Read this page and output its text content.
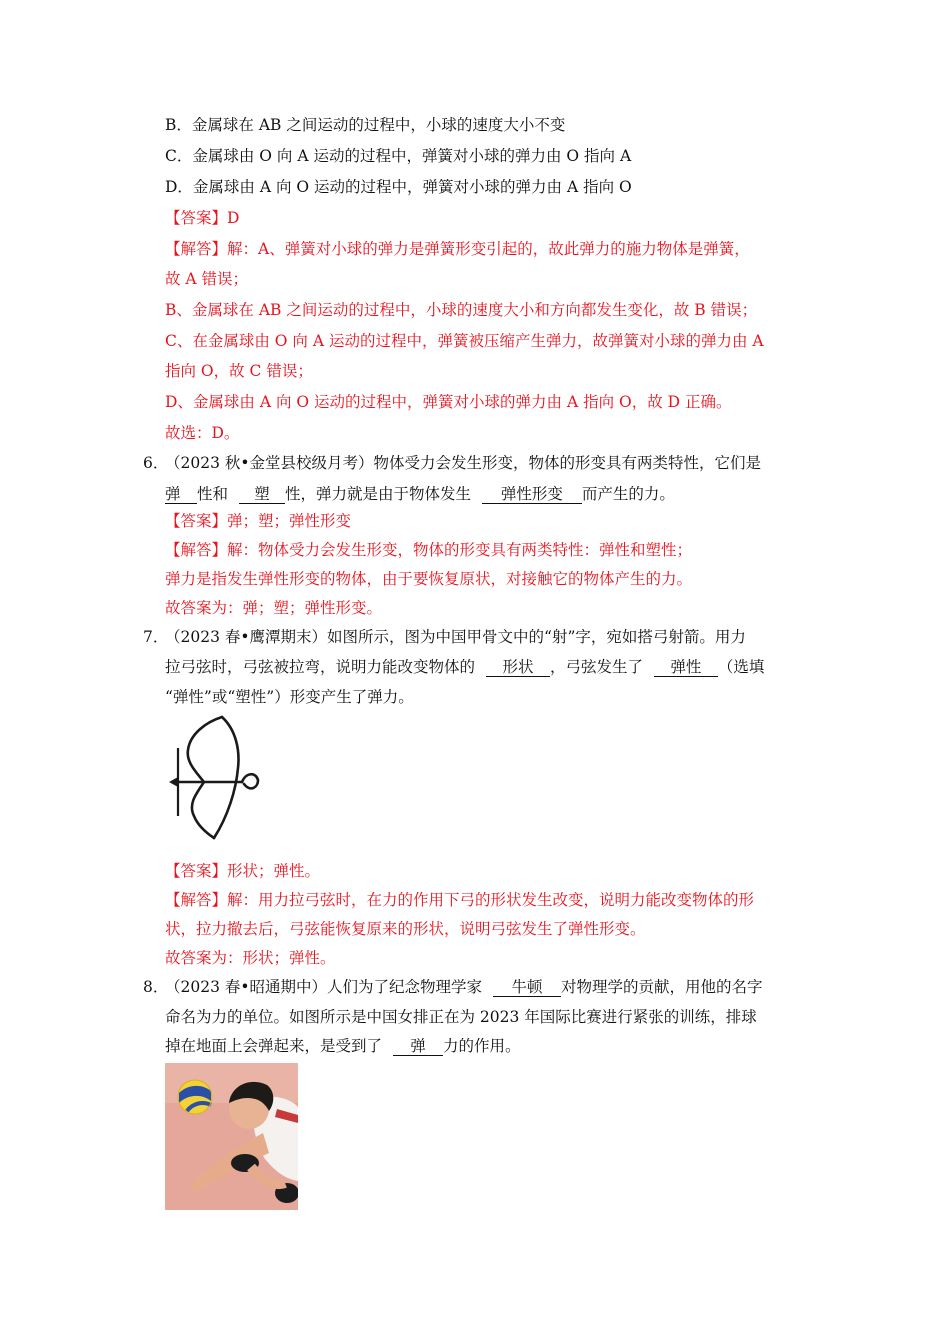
B．金属球在 AB 之间运动的过程中，小球的速度大小不变
C．金属球由 O 向 A 运动的过程中，弹簧对小球的弹力由 O 指向 A
D．金属球由 A 向 O 运动的过程中，弹簧对小球的弹力由 A 指向 O
【答案】D
【解答】解：A、弹簧对小球的弹力是弹簧形变引起的，故此弹力的施力物体是弹簧，
故 A 错误；
B、金属球在 AB 之间运动的过程中，小球的速度大小和方向都发生变化，故 B 错误；
C、在金属球由 O 向 A 运动的过程中，弹簧被压缩产生弹力，故弹簧对小球的弹力由 A
指向 O，故 C 错误；
D、金属球由 A 向 O 运动的过程中，弹簧对小球的弹力由 A 指向 O，故 D 正确。
故选：D。
6．
（2023 秋•金堂县校级月考）物体受力会发生形变，物体的形变具有两类特性，它们是
弹 性和 塑 性，弹力就是由于物体发生 弹性形变 而产生的力。
【答案】弹；塑；弹性形变
【解答】解：物体受力会发生形变，物体的形变具有两类特性：弹性和塑性；
弹力是指发生弹性形变的物体，由于要恢复原状，对接触它的物体产生的力。
故答案为：弹；塑；弹性形变。
7．
（2023 春•鹰潭期末）如图所示，图为中国甲骨文中的“射”字，宛如搭弓射箭。用力
拉弓弦时，弓弦被拉弯，说明力能改变物体的 形状 ，弓弦发生了 弹性 （选填
“弹性”或“塑性”）形变产生了弹力。
【答案】形状；弹性。
【解答】解：用力拉弓弦时，在力的作用下弓的形状发生改变，说明力能改变物体的形
状，拉力撤去后，弓弦能恢复原来的形状，说明弓弦发生了弹性形变。
故答案为：形状；弹性。
8．
（2023 春•昭通期中）人们为了纪念物理学家 牛顿 对物理学的贡献，用他的名字
命名为力的单位。如图所示是中国女排正在为 2023 年国际比赛进行紧张的训练，排球
掉在地面上会弹起来，是受到了 弹 力的作用。
